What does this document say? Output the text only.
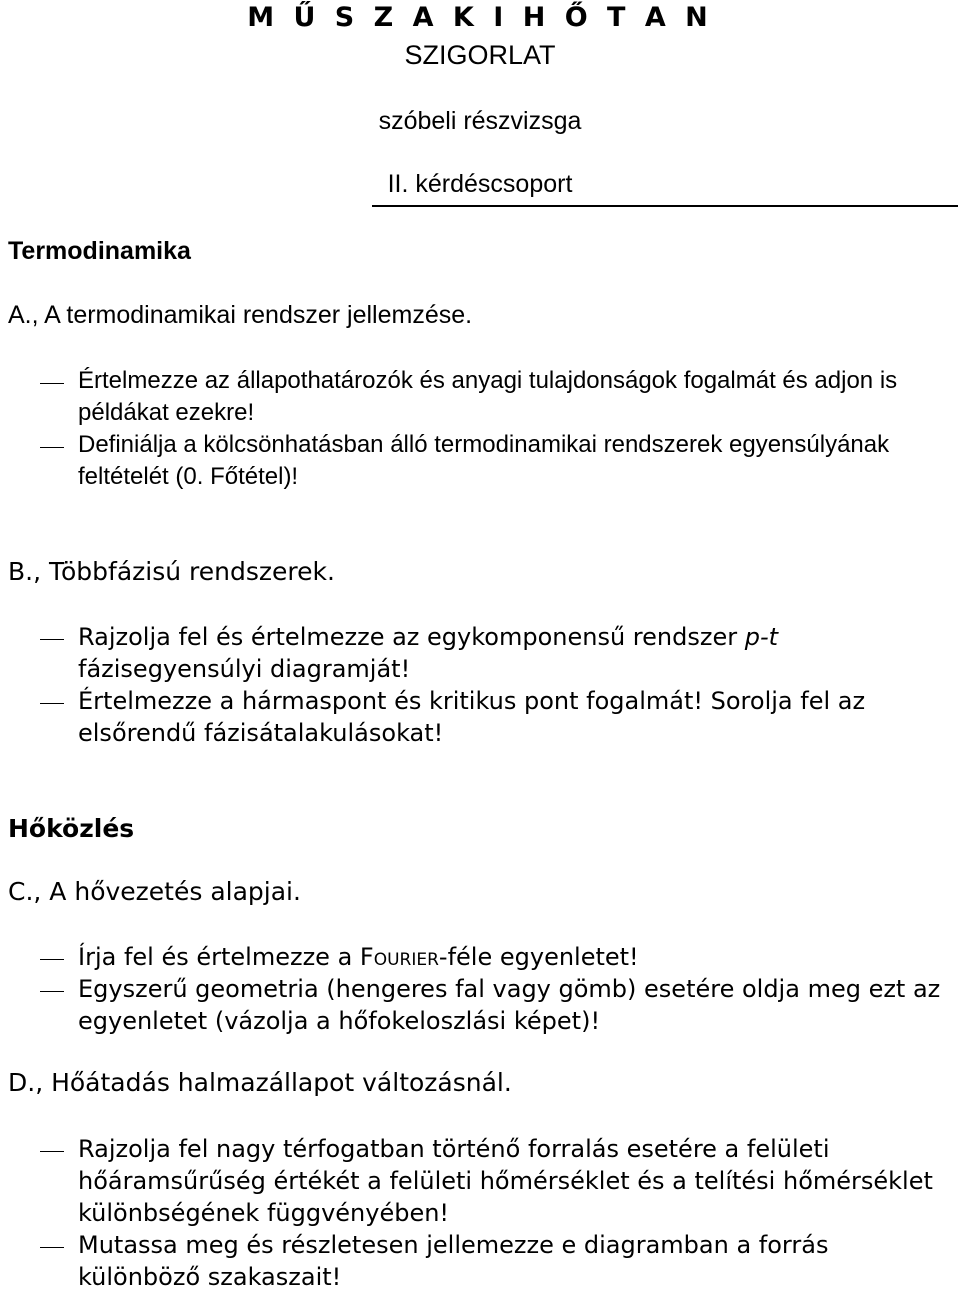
M Ű S Z A K I H Ő T A N
SZIGORLAT
szóbeli részvizsga
II. kérdéscsoport
Termodinamika
A., A termodinamikai rendszer jellemzése.
Értelmezze az állapothatározók és anyagi tulajdonságok fogalmát és adjon is példákat ezekre!
Definiálja a kölcsönhatásban álló termodinamikai rendszerek egyensúlyának feltételét (0. Főtétel)!
B., Többfázisú rendszerek.
Rajzolja fel és értelmezze az egykomponensű rendszer p-t fázisegyensúlyi diagramját!
Értelmezze a hármaspont és kritikus pont fogalmát! Sorolja fel az elsőrendű fázisátalakulásokat!
Hőközlés
C., A hővezetés alapjai.
Írja fel és értelmezze a Fourier-féle egyenletet!
Egyszerű geometria (hengeres fal vagy gömb) esetére oldja meg ezt az egyenletet (vázolja a hőfokeloszlási képet)!
D., Hőátadás halmazállapot változásnál.
Rajzolja fel nagy térfogatban történő forralás esetére a felületi hőáramsűrűség értékét a felületi hőmérséklet és a telítési hőmérséklet különbségének függvényében!
Mutassa meg és részletesen jellemezze e diagramban a forrás különböző szakaszait!
